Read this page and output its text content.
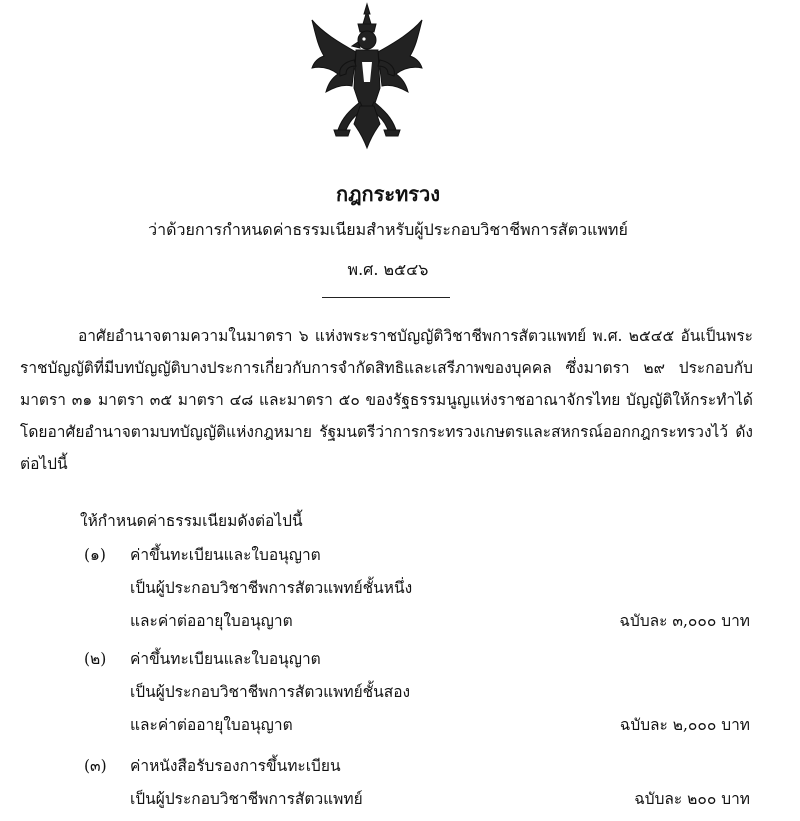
กฎกระทรวง
ว่าด้วยการกำหนดค่าธรรมเนียมสำหรับผู้ประกอบวิชาชีพการสัตวแพทย์
พ.ศ. ๒๕๔๖

อาศัยอำนาจตามความในมาตรา ๖ แห่งพระราชบัญญัติวิชาชีพการสัตวแพทย์ พ.ศ. ๒๕๔๕ อันเป็นพระราชบัญญัติที่มีบทบัญญัติบางประการเกี่ยวกับการจำกัดสิทธิและเสรีภาพของบุคคล ซึ่งมาตรา ๒๙ ประกอบกับมาตรา ๓๑ มาตรา ๓๕ มาตรา ๔๘ และมาตรา ๕๐ ของรัฐธรรมนูญแห่งราชอาณาจักรไทย บัญญัติให้กระทำได้โดยอาศัยอำนาจตามบทบัญญัติแห่งกฎหมาย รัฐมนตรีว่าการกระทรวงเกษตรและสหกรณ์ออกกฎกระทรวงไว้ ดังต่อไปนี้

ให้กำหนดค่าธรรมเนียมดังต่อไปนี้
(๑) ค่าขึ้นทะเบียนและใบอนุญาต
เป็นผู้ประกอบวิชาชีพการสัตวแพทย์ชั้นหนึ่ง
และค่าต่ออายุใบอนุญาต	ฉบับละ ๓,๐๐๐ บาท
(๒) ค่าขึ้นทะเบียนและใบอนุญาต
เป็นผู้ประกอบวิชาชีพการสัตวแพทย์ชั้นสอง
และค่าต่ออายุใบอนุญาต	ฉบับละ ๒,๐๐๐ บาท
(๓) ค่าหนังสือรับรองการขึ้นทะเบียน
เป็นผู้ประกอบวิชาชีพการสัตวแพทย์	ฉบับละ ๒๐๐ บาท
